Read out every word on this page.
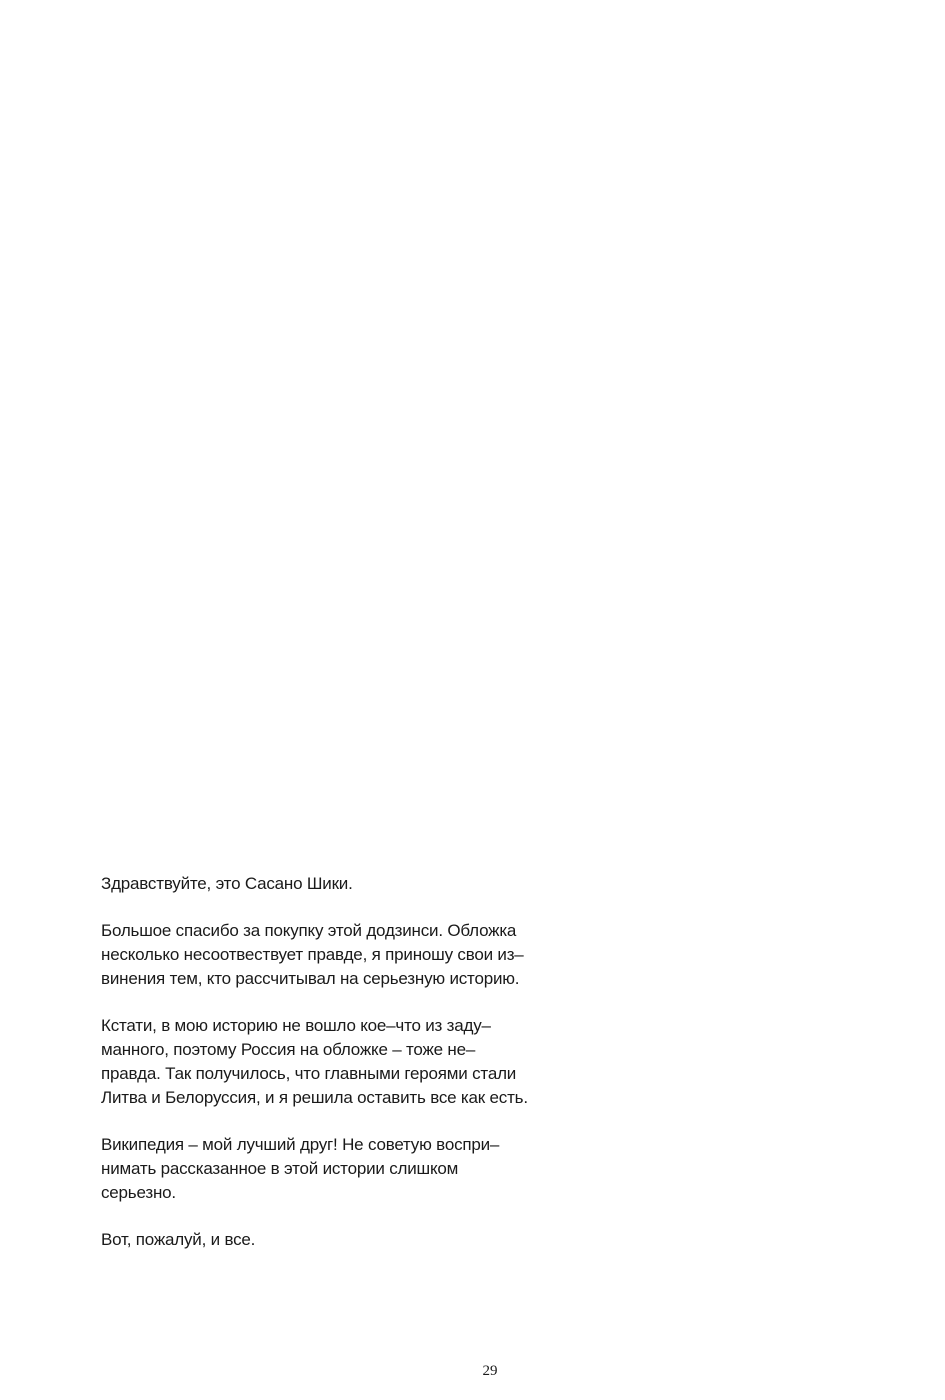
Здравствуйте, это Сасано Шики.

Большое спасибо за покупку этой додзинси. Обложка
несколько несоотвествует правде, я приношу свои из–
винения тем, кто рассчитывал на серьезную историю.

Кстати, в мою историю не вошло кое–что из заду–
манного, поэтому Россия на обложке – тоже не–
правда. Так получилось, что главными героями стали
Литва и Белоруссия, и я решила оставить все как есть.

Википедия – мой лучший друг! Не советую воспри–
нимать рассказанное в этой истории слишком
серьезно.

Вот, пожалуй, и все.

29
